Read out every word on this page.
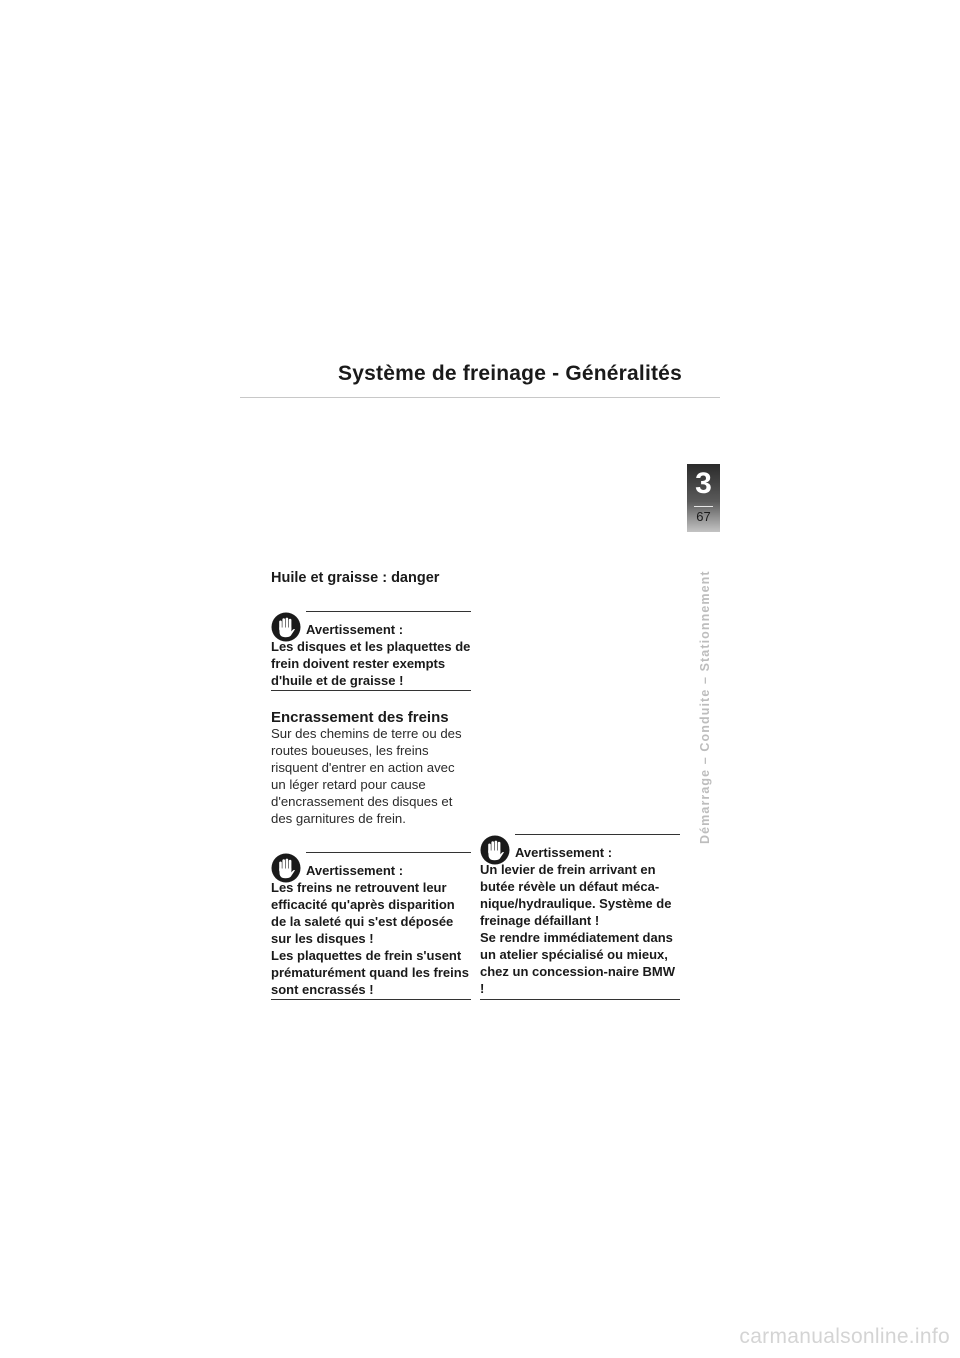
Système de freinage - Généralités
3
67
Démarrage – Conduite – Stationnement
Huile et graisse : danger
Avertissement :

Les disques et les plaquettes de frein doivent rester exempts d'huile et de graisse !

Encrassement des freins

Sur des chemins de terre ou des routes boueuses, les freins risquent d'entrer en action avec un léger retard pour cause d'encrassement des disques et des garnitures de frein.

Avertissement :

Les freins ne retrouvent leur efficacité qu'après disparition de la saleté qui s'est déposée sur les disques !
Les plaquettes de frein s'usent prématurément quand les freins sont encrassés !

Avertissement :

Un levier de frein arrivant en butée révèle un défaut méca-nique/hydraulique. Système de freinage défaillant !
Se rendre immédiatement dans un atelier spécialisé ou mieux, chez un concession-naire BMW !

carmanualsonline.info
